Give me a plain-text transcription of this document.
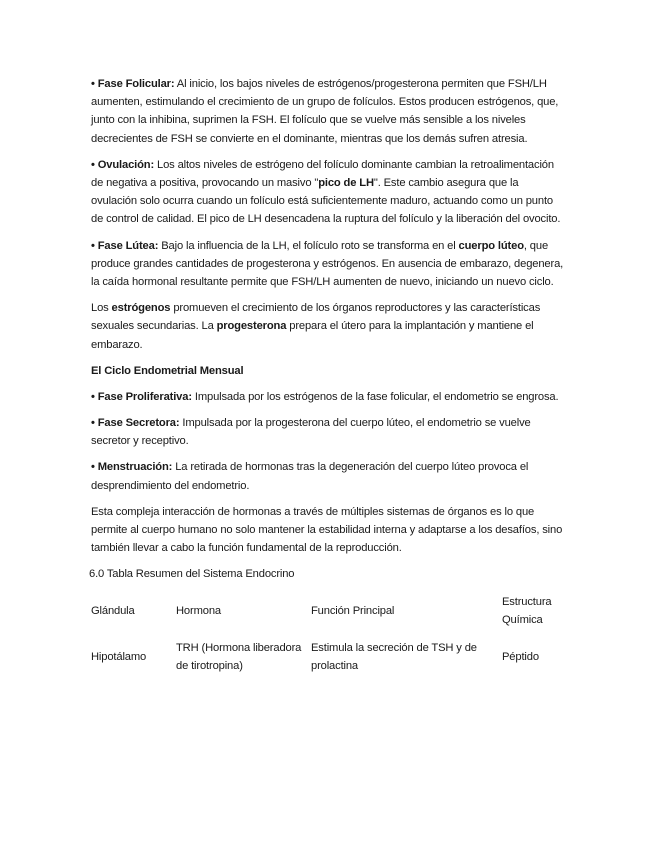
• Fase Folicular: Al inicio, los bajos niveles de estrógenos/progesterona permiten que FSH/LH aumenten, estimulando el crecimiento de un grupo de folículos. Estos producen estrógenos, que, junto con la inhibina, suprimen la FSH. El folículo que se vuelve más sensible a los niveles decrecientes de FSH se convierte en el dominante, mientras que los demás sufren atresia.

• Ovulación: Los altos niveles de estrógeno del folículo dominante cambian la retroalimentación de negativa a positiva, provocando un masivo "pico de LH". Este cambio asegura que la ovulación solo ocurra cuando un folículo está suficientemente maduro, actuando como un punto de control de calidad. El pico de LH desencadena la ruptura del folículo y la liberación del ovocito.

• Fase Lútea: Bajo la influencia de la LH, el folículo roto se transforma en el cuerpo lúteo, que produce grandes cantidades de progesterona y estrógenos. En ausencia de embarazo, degenera, la caída hormonal resultante permite que FSH/LH aumenten de nuevo, iniciando un nuevo ciclo.

Los estrógenos promueven el crecimiento de los órganos reproductores y las características sexuales secundarias. La progesterona prepara el útero para la implantación y mantiene el embarazo.

El Ciclo Endometrial Mensual

• Fase Proliferativa: Impulsada por los estrógenos de la fase folicular, el endometrio se engrosa.

• Fase Secretora: Impulsada por la progesterona del cuerpo lúteo, el endometrio se vuelve secretor y receptivo.

• Menstruación: La retirada de hormonas tras la degeneración del cuerpo lúteo provoca el desprendimiento del endometrio.

Esta compleja interacción de hormonas a través de múltiples sistemas de órganos es lo que permite al cuerpo humano no solo mantener la estabilidad interna y adaptarse a los desafíos, sino también llevar a cabo la función fundamental de la reproducción.

6.0 Tabla Resumen del Sistema Endocrino

Glándula	Hormona	Función Principal	Estructura Química
Hipotálamo	TRH (Hormona liberadora de tirotropina)	Estimula la secreción de TSH y de prolactina	Péptido
